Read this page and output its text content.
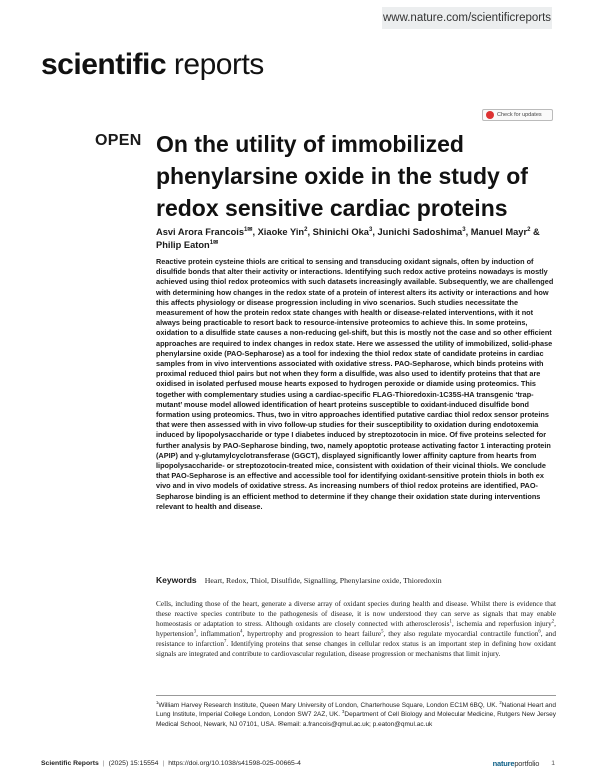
www.nature.com/scientificreports
scientific reports
Check for updates
OPEN On the utility of immobilized phenylarsine oxide in the study of redox sensitive cardiac proteins
Asvi Arora Francois$^{1✉}$, Xiaoke Yin$^2$, Shinichi Oka$^3$, Junichi Sadoshima$^3$, Manuel Mayr$^2$ & Philip Eaton$^{1✉}$

Reactive protein cysteine thiols are critical to sensing and transducing oxidant signals, often by induction of disulfide bonds that alter their activity or interactions. Identifying such redox active proteins nowadays is mostly achieved using thiol redox proteomics with such datasets increasingly available. Subsequently, we are challenged with determining how changes in the redox state of a protein of interest alters its activity or interactions and how this affects physiology or disease progression including in vivo scenarios. Such studies necessitate the measurement of how the protein redox state changes with health or disease-related interventions, with it not always being practicable to resort back to resource-intensive proteomics to achieve this. In some proteins, oxidation to a disulfide state causes a non-reducing gel-shift, but this is mostly not the case and so other efficient approaches are required to index changes in redox state. Here we assessed the utility of immobilized, solid-phase phenylarsine oxide (PAO-Sepharose) as a tool for indexing the thiol redox state of candidate proteins in cardiac samples from in vivo interventions associated with oxidative stress. PAO-Sepharose, which binds proteins with proximal reduced thiol pairs but not when they form a disulfide, was also used to identify proteins that that are oxidised in isolated perfused mouse hearts exposed to hydrogen peroxide or diamide using proteomics. This together with complementary studies using a cardiac-specific FLAG-Thioredoxin-1C35S-HA transgenic ‘trap-mutant’ mouse model allowed identification of heart proteins susceptible to oxidant-induced disulfide bond formation using proteomics. Thus, two in vitro approaches identified putative cardiac thiol redox sensor proteins that were then assessed with in vivo follow-up studies for their susceptibility to oxidation during endotoxemia induced by lipopolysaccharide or type I diabetes induced by streptozotocin in mice. Of five proteins selected for further analysis by PAO-Sepharose binding, two, namely apoptotic protease activating factor 1 interacting protein (APIP) and γ-glutamylcyclotransferase (GGCT), displayed significantly lower affinity capture from hearts from lipopolysaccharide- or streptozotocin-treated mice, consistent with oxidation of their vicinal thiols. We conclude that PAO-Sepharose is an effective and accessible tool for identifying oxidant-sensitive protein thiols in both ex vivo and in vivo models of oxidative stress. As increasing numbers of thiol redox proteins are identified, PAO-Sepharose binding is an efficient method to determine if they change their oxidation state during interventions relevant to health and disease.

Keywords Heart, Redox, Thiol, Disulfide, Signalling, Phenylarsine oxide, Thioredoxin

Cells, including those of the heart, generate a diverse array of oxidant species during health and disease. Whilst there is evidence that these reactive species contribute to the pathogenesis of disease, it is now understood they can serve as signals that may enable homeostasis or adaptation to stress. Although oxidants are closely connected with atherosclerosis$^1$, ischemia and reperfusion injury$^2$, hypertension$^3$, inflammation$^4$, hypertrophy and progression to heart failure$^5$, they also regulate myocardial contractile function$^6$, and resistance to infarction$^7$. Identifying proteins that sense changes in cellular redox status is an important step in defining how oxidant signals are integrated and contribute to cardiovascular regulation, disease progression or mechanisms that limit injury.

$^1$William Harvey Research Institute, Queen Mary University of London, Charterhouse Square, London EC1M 6BQ, UK. $^2$National Heart and Lung Institute, Imperial College London, London SW7 2AZ, UK. $^3$Department of Cell Biology and Molecular Medicine, Rutgers New Jersey Medical School, Newark, NJ 07101, USA. ✉email: a.francois@qmul.ac.uk; p.eaton@qmul.ac.uk

Scientific Reports | (2025) 15:15554 | https://doi.org/10.1038/s41598-025-00665-4	natureportfolio 1
